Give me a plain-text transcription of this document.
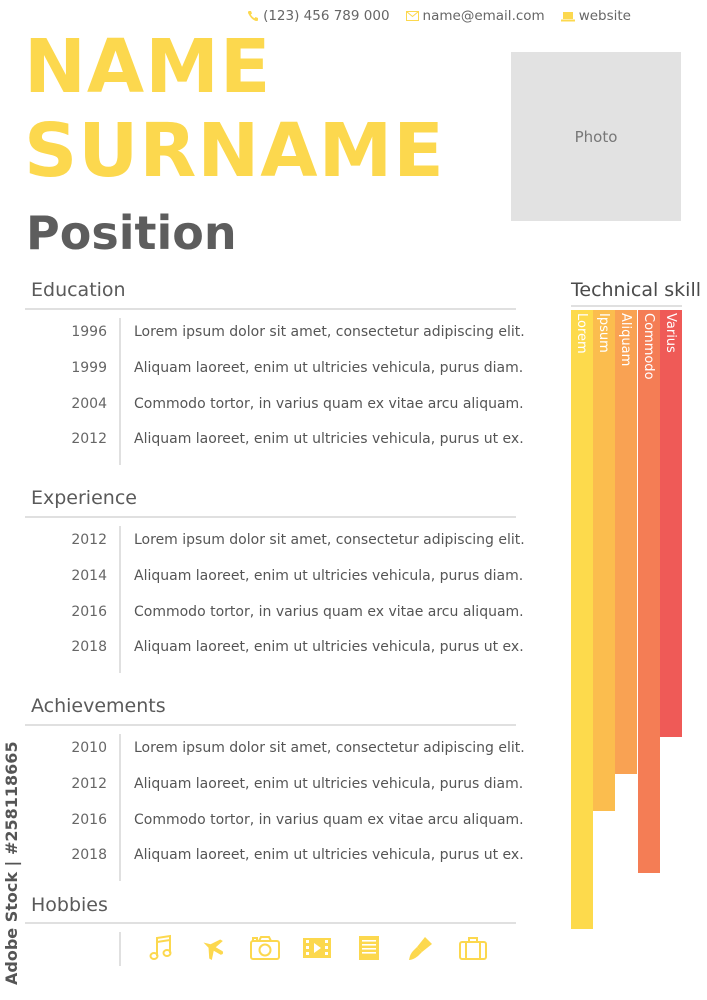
(123) 456 789 000 name@email.com	website
NAME
SURNAME
Position
Photo
Education
1996 Lorem ipsum dolor sit amet, consectetur adipiscing elit.
1999 Aliquam laoreet, enim ut ultricies vehicula, purus diam.
2004 Commodo tortor, in varius quam ex vitae arcu aliquam.
2012 Aliquam laoreet, enim ut ultricies vehicula, purus ut ex.
Experience
2012 Lorem ipsum dolor sit amet, consectetur adipiscing elit.
2014 Aliquam laoreet, enim ut ultricies vehicula, purus diam.
2016 Commodo tortor, in varius quam ex vitae arcu aliquam.
2018 Aliquam laoreet, enim ut ultricies vehicula, purus ut ex.
Achievements
2010 Lorem ipsum dolor sit amet, consectetur adipiscing elit.
2012 Aliquam laoreet, enim ut ultricies vehicula, purus diam.
2016 Commodo tortor, in varius quam ex vitae arcu aliquam.
2018 Aliquam laoreet, enim ut ultricies vehicula, purus ut ex.
Hobbies
Technical skill
Lorem Ipsum Aliquam Commodo Varius
Adobe Stock | #258118665
